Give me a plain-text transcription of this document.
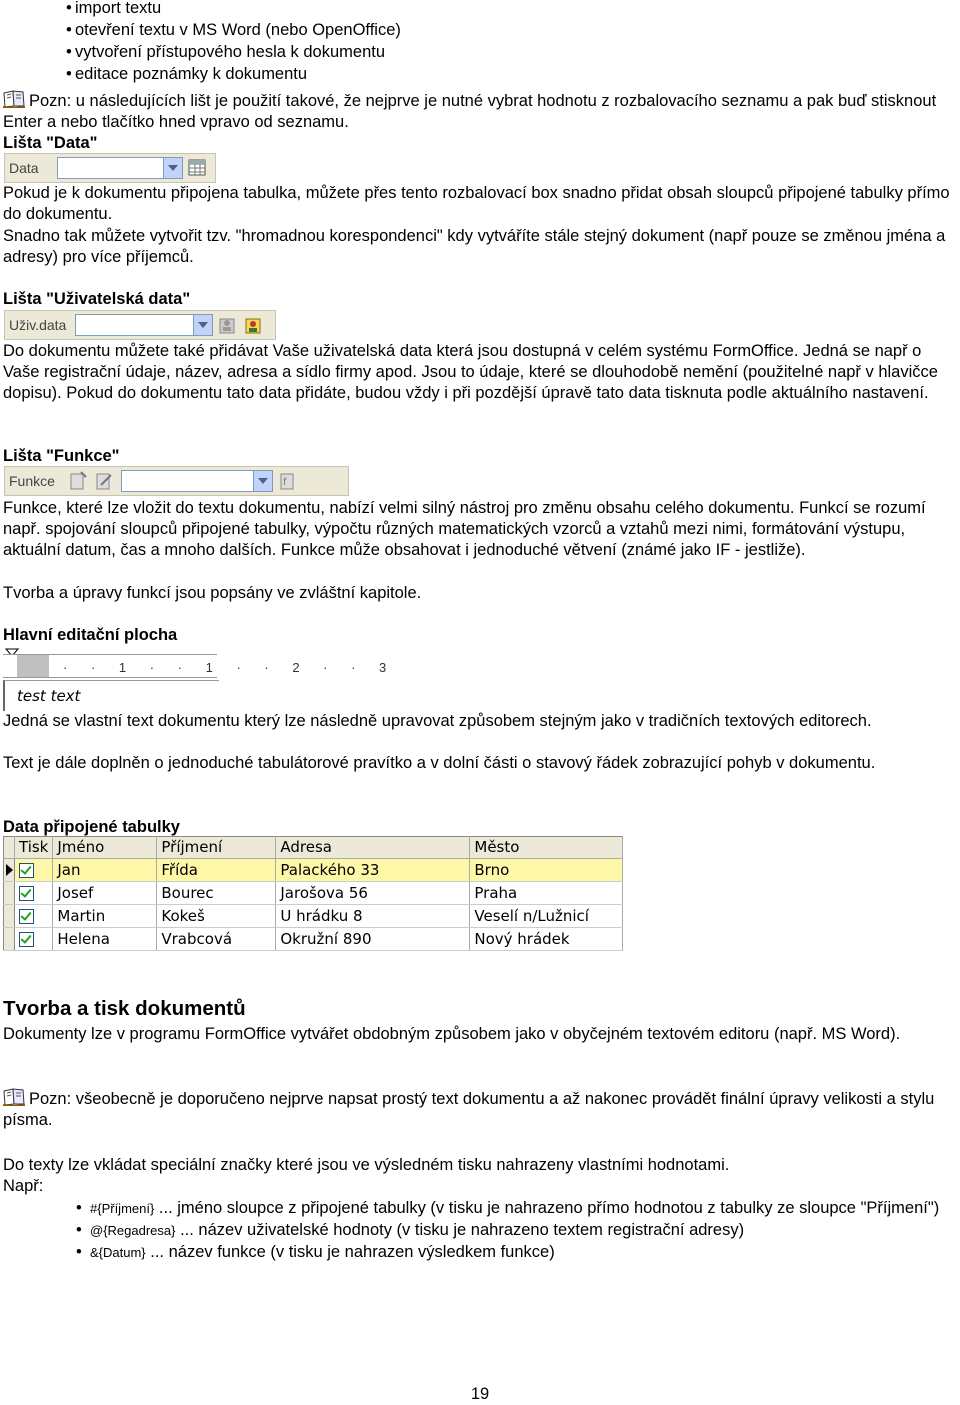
• import textu
• otevření textu v MS Word (nebo OpenOffice)
• vytvoření přístupového hesla k dokumentu
• editace poznámky k dokumentu

Pozn: u následujících lišt je použití takové, že nejprve je nutné vybrat hodnotu z rozbalovacího seznamu a pak buď stisknout Enter a nebo tlačítko hned vpravo od seznamu.

Lišta "Data"

Data

Pokud je k dokumentu připojena tabulka, můžete přes tento rozbalovací box snadno přidat obsah sloupců připojené tabulky přímo do dokumentu.

Snadno tak můžete vytvořit tzv. "hromadnou korespondenci" kdy vytváříte stále stejný dokument (např pouze se změnou jména a adresy) pro více příjemců.

Lišta "Uživatelská data"

Uživ.data

Do dokumentu můžete také přidávat Vaše uživatelská data která jsou dostupná v celém systému FormOffice. Jedná se např o Vaše registrační údaje, název, adresa a sídlo firmy apod. Jsou to údaje, které se dlouhodobě nemění (použitelné např v hlavičce dopisu). Pokud do dokumentu tato data přidáte, budou vždy i při pozdější úpravě tato data tisknuta podle aktuálního nastavení.

Lišta "Funkce"

Funkce	f

Funkce, které lze vložit do textu dokumentu, nabízí velmi silný nástroj pro změnu obsahu celého dokumentu. Funkcí se rozumí např. spojování sloupců připojené tabulky, výpočtu různých matematických vzorců a vztahů mezi nimi, formátování výstupu, aktuální datum, čas a mnoho dalších. Funkce může obsahovat i jednoduché větvení (známé jako IF - jestliže).

Tvorba a úpravy funkcí jsou popsány ve zvláštní kapitole.

Hlavní editační plocha

· · 1 · · 1 · · 2 · · 3
test text

Jedná se vlastní text dokumentu který lze následně upravovat způsobem stejným jako v tradičních textových editorech.

Text je dále doplněn o jednoduché tabulátorové pravítko a v dolní části o stavový řádek zobrazující pohyb v dokumentu.

Data připojené tabulky

	Tisk	Jméno	Příjmení	Adresa	Město

		Jan	Fřída	Palackého 33	Brno
		Josef	Bourec	Jarošova 56	Praha
		Martin	Kokeš	U hrádku 8	Veselí n/Lužnicí
		Helena	Vrabcová	Okružní 890	Nový hrádek

Tvorba a tisk dokumentů

Dokumenty lze v programu FormOffice vytvářet obdobným způsobem jako v obyčejném textovém editoru (např. MS Word).

Pozn: všeobecně je doporučeno nejprve napsat prostý text dokumentu a až nakonec provádět finální úpravy velikosti a stylu písma.

Do texty lze vkládat speciální značky které jsou ve výsledném tisku nahrazeny vlastními hodnotami.

Např:

• #{Příjmení} ... jméno sloupce z připojené tabulky (v tisku je nahrazeno přímo hodnotou z tabulky ze sloupce "Příjmení")
• @{Regadresa} ... název uživatelské hodnoty (v tisku je nahrazeno textem registrační adresy)
• &{Datum} ... název funkce (v tisku je nahrazen výsledkem funkce)
19
